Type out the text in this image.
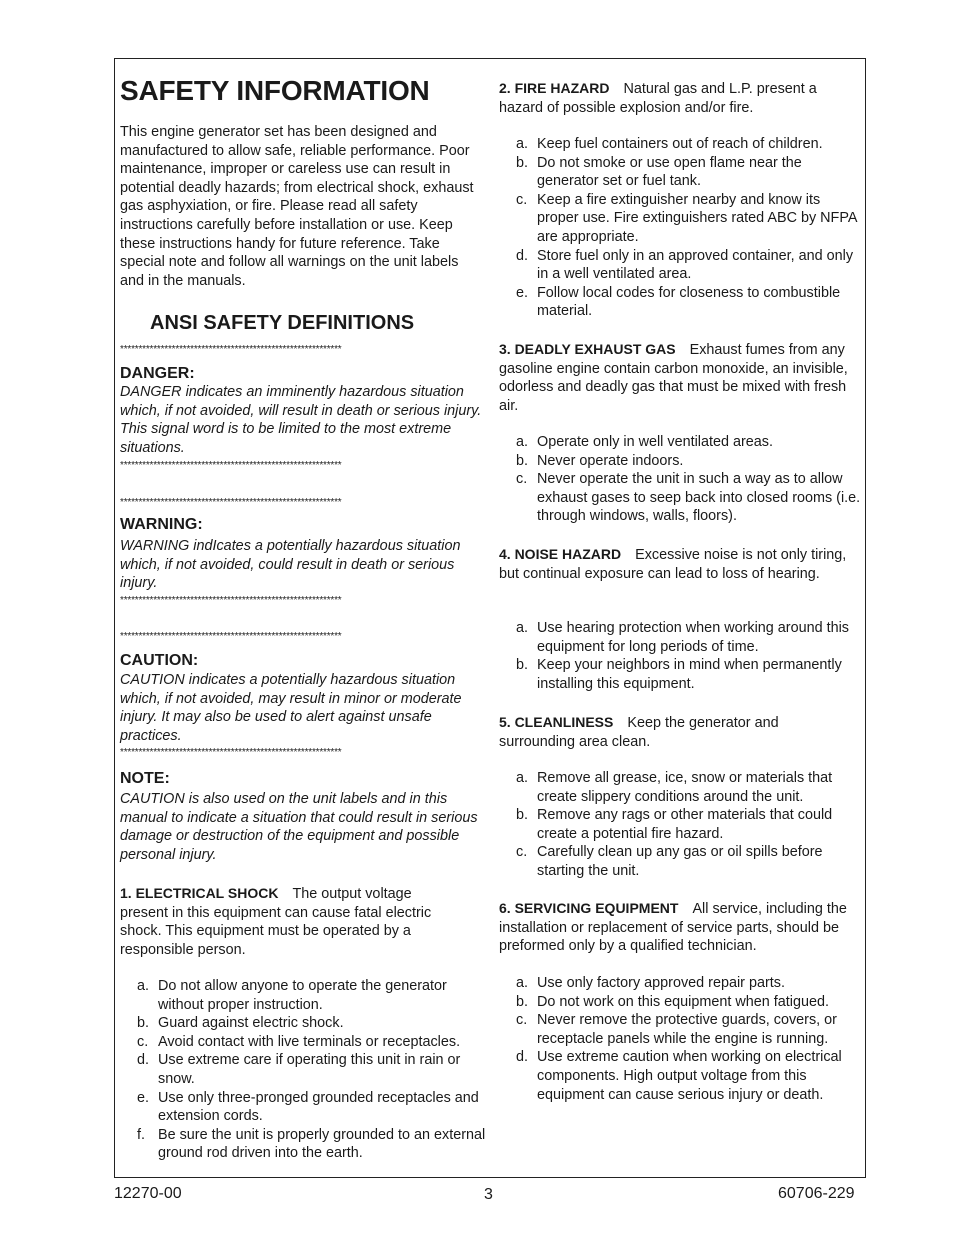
SAFETY INFORMATION

This engine generator set has been designed and manufactured to allow safe, reliable performance. Poor maintenance, improper or careless use can result in potential deadly hazards; from electrical shock, exhaust gas asphyxiation, or fire. Please read all safety instructions carefully before installation or use. Keep these instructions handy for future reference. Take special note and follow all warnings on the unit labels and in the manuals.

ANSI SAFETY DEFINITIONS
************************************************************
DANGER:
DANGER indicates an imminently hazardous situation which, if not avoided, will result in death or serious injury. This signal word is to be limited to the most extreme situations.
************************************************************
************************************************************
WARNING:
WARNING indIcates a potentially hazardous situation which, if not avoided, could result in death or serious injury.
************************************************************
************************************************************
CAUTION:
CAUTION indicates a potentially hazardous situation which, if not avoided, may result in minor or moderate injury. It may also be used to alert against unsafe practices.
************************************************************
NOTE:
CAUTION is also used on the unit labels and in this manual to indicate a situation that could result in serious damage or destruction of the equipment and possible personal injury.
1. ELECTRICAL SHOCK The output voltage present in this equipment can cause fatal electric shock. This equipment must be operated by a responsible person.
a. Do not allow anyone to operate the generator without proper instruction.
b. Guard against electric shock.
c. Avoid contact with live terminals or receptacles.
d. Use extreme care if operating this unit in rain or snow.
e. Use only three-pronged grounded receptacles and extension cords.
f. Be sure the unit is properly grounded to an external ground rod driven into the earth.
2. FIRE HAZARD Natural gas and L.P. present a hazard of possible explosion and/or fire.
a. Keep fuel containers out of reach of children.
b. Do not smoke or use open flame near the generator set or fuel tank.
c. Keep a fire extinguisher nearby and know its proper use. Fire extinguishers rated ABC by NFPA are appropriate.
d. Store fuel only in an approved container, and only in a well ventilated area.
e. Follow local codes for closeness to combustible material.
3. DEADLY EXHAUST GAS Exhaust fumes from any gasoline engine contain carbon monoxide, an invisible, odorless and deadly gas that must be mixed with fresh air.
a. Operate only in well ventilated areas.
b. Never operate indoors.
c. Never operate the unit in such a way as to allow exhaust gases to seep back into closed rooms (i.e. through windows, walls, floors).
4. NOISE HAZARD Excessive noise is not only tiring, but continual exposure can lead to loss of hearing.
a. Use hearing protection when working around this equipment for long periods of time.
b. Keep your neighbors in mind when permanently installing this equipment.
5. CLEANLINESS Keep the generator and surrounding area clean.
a. Remove all grease, ice, snow or materials that create slippery conditions around the unit.
b. Remove any rags or other materials that could create a potential fire hazard.
c. Carefully clean up any gas or oil spills before starting the unit.
6. SERVICING EQUIPMENT All service, including the installation or replacement of service parts, should be preformed only by a qualified technician.
a. Use only factory approved repair parts.
b. Do not work on this equipment when fatigued.
c. Never remove the protective guards, covers, or receptacle panels while the engine is running.
d. Use extreme caution when working on electrical components. High output voltage from this equipment can cause serious injury or death.
12270-00	3	60706-229
